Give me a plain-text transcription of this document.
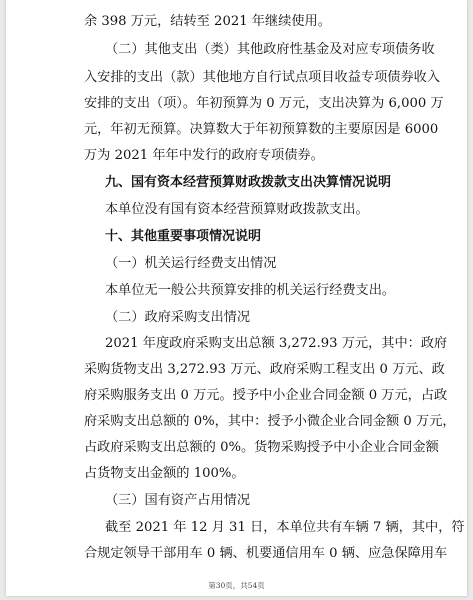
余 398 万元，结转至 2021 年继续使用。
（二）其他支出（类）其他政府性基金及对应专项债务收
入安排的支出（款）其他地方自行试点项目收益专项债券收入
安排的支出（项）。年初预算为 0 万元，支出决算为 6,000 万
元，年初无预算。决算数大于年初预算数的主要原因是 6000
万为 2021 年年中发行的政府专项债券。
九、国有资本经营预算财政拨款支出决算情况说明
本单位没有国有资本经营预算财政拨款支出。
十、其他重要事项情况说明
（一）机关运行经费支出情况
本单位无一般公共预算安排的机关运行经费支出。
（二）政府采购支出情况
2021 年度政府采购支出总额 3,272.93 万元，其中：政府
采购货物支出 3,272.93 万元、政府采购工程支出 0 万元、政
府采购服务支出 0 万元。授予中小企业合同金额 0 万元，占政
府采购支出总额的 0%，其中：授予小微企业合同金额 0 万元，
占政府采购支出总额的 0%。货物采购授予中小企业合同金额
占货物支出金额的 100%。
（三）国有资产占用情况
截至 2021 年 12 月 31 日，本单位共有车辆 7 辆，其中，符
合规定领导干部用车 0 辆、机要通信用车 0 辆、应急保障用车
第30页，共54页
